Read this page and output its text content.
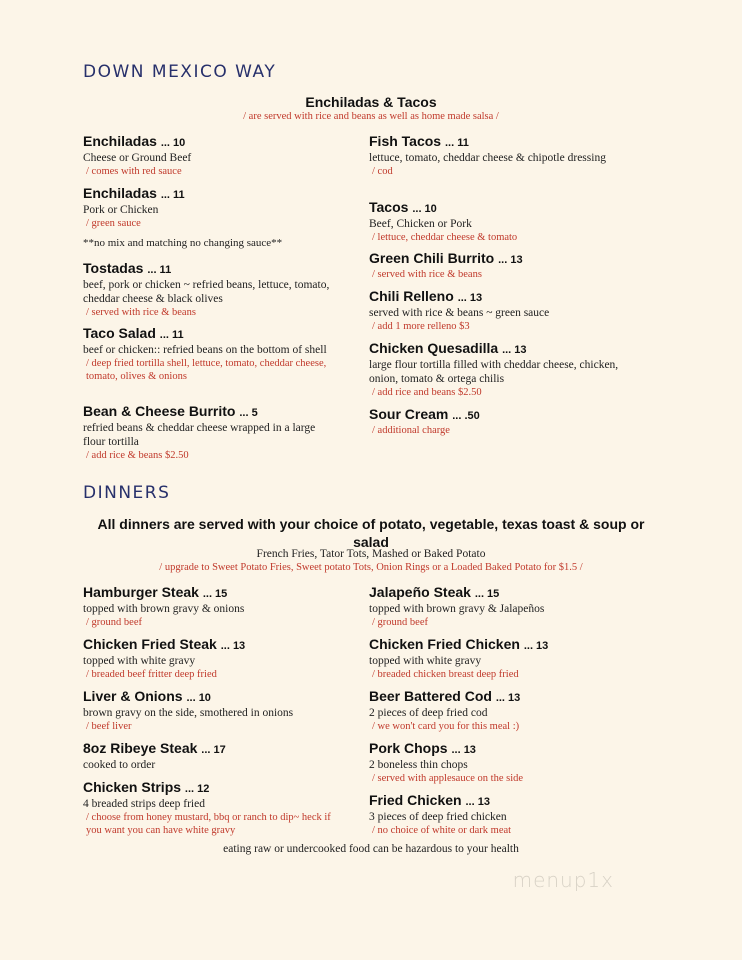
DOWN MEXICO WAY
Enchiladas & Tacos
/ are served with rice and beans as well as home made salsa /
Enchiladas ... 10
Cheese or Ground Beef
/ comes with red sauce
Enchiladas ... 11
Pork or Chicken
/ green sauce
Tostadas ... 11
beef, pork or chicken ~ refried beans, lettuce, tomato, cheddar cheese & black olives
/ served with rice & beans
Taco Salad ... 11
beef or chicken:: refried beans on the bottom of shell
/ deep fried tortilla shell, lettuce, tomato, cheddar cheese, tomato, olives & onions
Bean & Cheese Burrito ... 5
refried beans & cheddar cheese wrapped in a large flour tortilla
/ add rice & beans $2.50
**no mix and matching no changing sauce**
Fish Tacos ... 11
lettuce, tomato, cheddar cheese & chipotle dressing
/ cod
Tacos ... 10
Beef, Chicken or Pork
/ lettuce, cheddar cheese & tomato
Green Chili Burrito ... 13
/ served with rice & beans
Chili Relleno ... 13
served with rice & beans ~ green sauce
/ add 1 more relleno $3
Chicken Quesadilla ... 13
large flour tortilla filled with cheddar cheese, chicken, onion, tomato & ortega chilis
/ add rice and beans $2.50
Sour Cream ... .50
/ additional charge
DINNERS
All dinners are served with your choice of potato, vegetable, texas toast & soup or salad
French Fries, Tator Tots, Mashed or Baked Potato
/ upgrade to Sweet Potato Fries, Sweet potato Tots, Onion Rings or a Loaded Baked Potato for $1.5 /
Hamburger Steak ... 15
topped with brown gravy & onions
/ ground beef
Chicken Fried Steak ... 13
topped with white gravy
/ breaded beef fritter deep fried
Liver & Onions ... 10
brown gravy on the side, smothered in onions
/ beef liver
8oz Ribeye Steak ... 17
cooked to order
Chicken Strips ... 12
4 breaded strips deep fried
/ choose from honey mustard, bbq or ranch to dip~ heck if you want you can have white gravy
Jalapeño Steak ... 15
topped with brown gravy & Jalapeños
/ ground beef
Chicken Fried Chicken ... 13
topped with white gravy
/ breaded chicken breast deep fried
Beer Battered Cod ... 13
2 pieces of deep fried cod
/ we won't card you for this meal :)
Pork Chops ... 13
2 boneless thin chops
/ served with applesauce on the side
Fried Chicken ... 13
3 pieces of deep fried chicken
/ no choice of white or dark meat
eating raw or undercooked food can be hazardous to your health
menup1x
